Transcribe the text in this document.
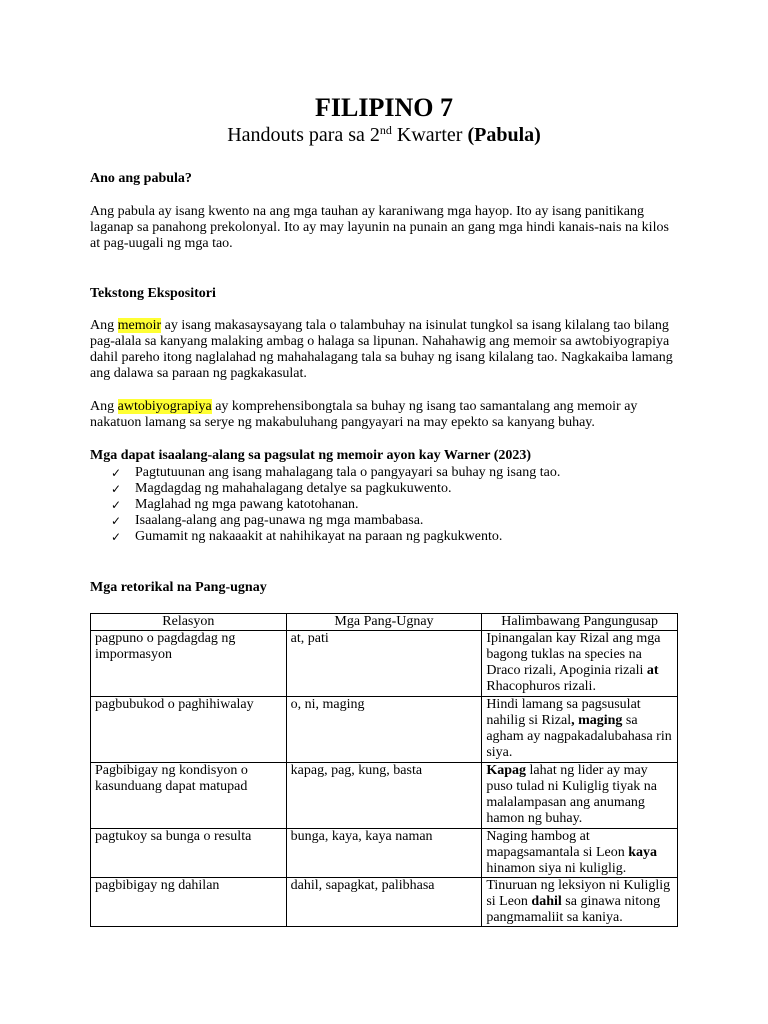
FILIPINO 7
Handouts para sa 2nd Kwarter (Pabula)
Ano ang pabula?
Ang pabula ay isang kwento na ang mga tauhan ay karaniwang mga hayop. Ito ay isang panitikang laganap sa panahong prekolonyal. Ito ay may layunin na punain an gang mga hindi kanais-nais na kilos at pag-uugali ng mga tao.
Tekstong Ekspositori
Ang memoir ay isang makasaysayang tala o talambuhay na isinulat tungkol sa isang kilalang tao bilang pag-alala sa kanyang malaking ambag o halaga sa lipunan. Nahahawig ang memoir sa awtobiyograpiya dahil pareho itong naglalahad ng mahahalagang tala sa buhay ng isang kilalang tao. Nagkakaiba lamang ang dalawa sa paraan ng pagkakasulat.
Ang awtobiyograpiya ay komprehensibongtala sa buhay ng isang tao samantalang ang memoir ay nakatuon lamang sa serye ng makabuluhang pangyayari na may epekto sa kanyang buhay.
Mga dapat isaalang-alang sa pagsulat ng memoir ayon kay Warner (2023)
✓ Pagtutuunan ang isang mahalagang tala o pangyayari sa buhay ng isang tao.
✓ Magdagdag ng mahahalagang detalye sa pagkukuwento.
✓ Maglahad ng mga pawang katotohanan.
✓ Isaalang-alang ang pag-unawa ng mga mambabasa.
✓ Gumamit ng nakaaakit at nahihikayat na paraan ng pagkukwento.
Mga retorikal na Pang-ugnay
Relasyon	Mga Pang-Ugnay	Halimbawang Pangungusap
pagpuno o pagdagdag ng impormasyon	at, pati	Ipinangalan kay Rizal ang mga bagong tuklas na species na Draco rizali, Apoginia rizali at Rhacophuros rizali.
pagbubukod o paghihiwalay	o, ni, maging	Hindi lamang sa pagsusulat nahilig si Rizal, maging sa agham ay nagpakadalubahasa rin siya.
Pagbibigay ng kondisyon o kasunduang dapat matupad	kapag, pag, kung, basta	Kapag lahat ng lider ay may puso tulad ni Kuliglig tiyak na malalampasan ang anumang hamon ng buhay.
pagtukoy sa bunga o resulta	bunga, kaya, kaya naman	Naging hambog at mapagsamantala si Leon kaya hinamon siya ni kuliglig.
pagbibigay ng dahilan	dahil, sapagkat, palibhasa	Tinuruan ng leksiyon ni Kuliglig si Leon dahil sa ginawa nitong pangmamaliit sa kaniya.
